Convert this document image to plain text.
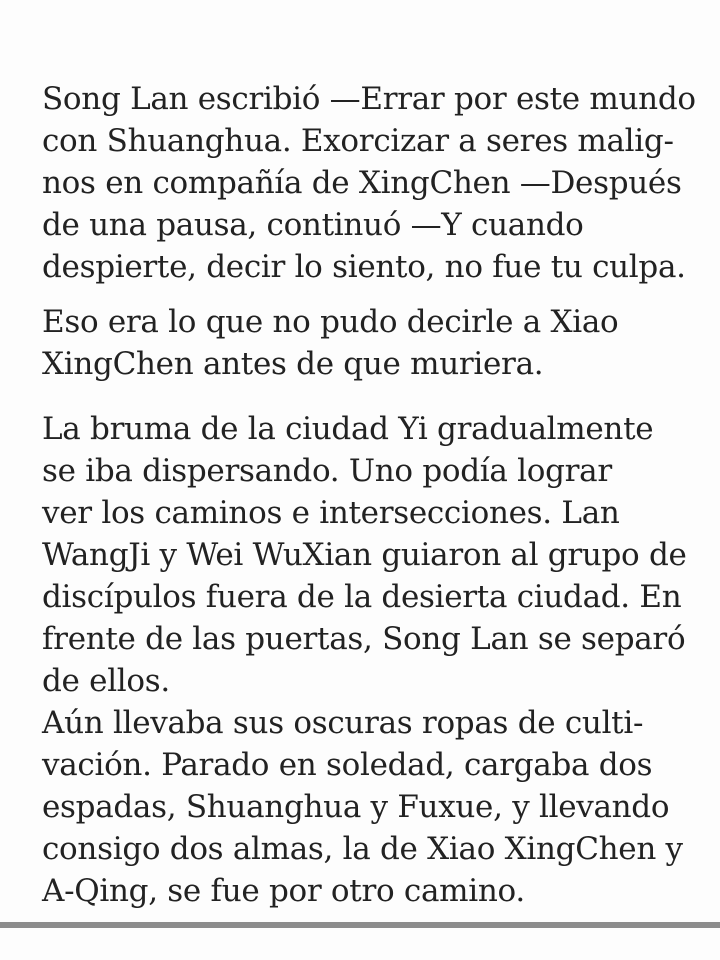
Song Lan escribió —Errar por este mundo
con Shuanghua. Exorcizar a seres malig-
nos en compañía de XingChen —Después
de una pausa, continuó —Y cuando
despierte, decir lo siento, no fue tu culpa.
Eso era lo que no pudo decirle a Xiao
XingChen antes de que muriera.
La bruma de la ciudad Yi gradualmente
se iba dispersando. Uno podía lograr
ver los caminos e intersecciones. Lan
WangJi y Wei WuXian guiaron al grupo de
discípulos fuera de la desierta ciudad. En
frente de las puertas, Song Lan se separó
de ellos.
Aún llevaba sus oscuras ropas de culti-
vación. Parado en soledad, cargaba dos
espadas, Shuanghua y Fuxue, y llevando
consigo dos almas, la de Xiao XingChen y
A-Qing, se fue por otro camino.
